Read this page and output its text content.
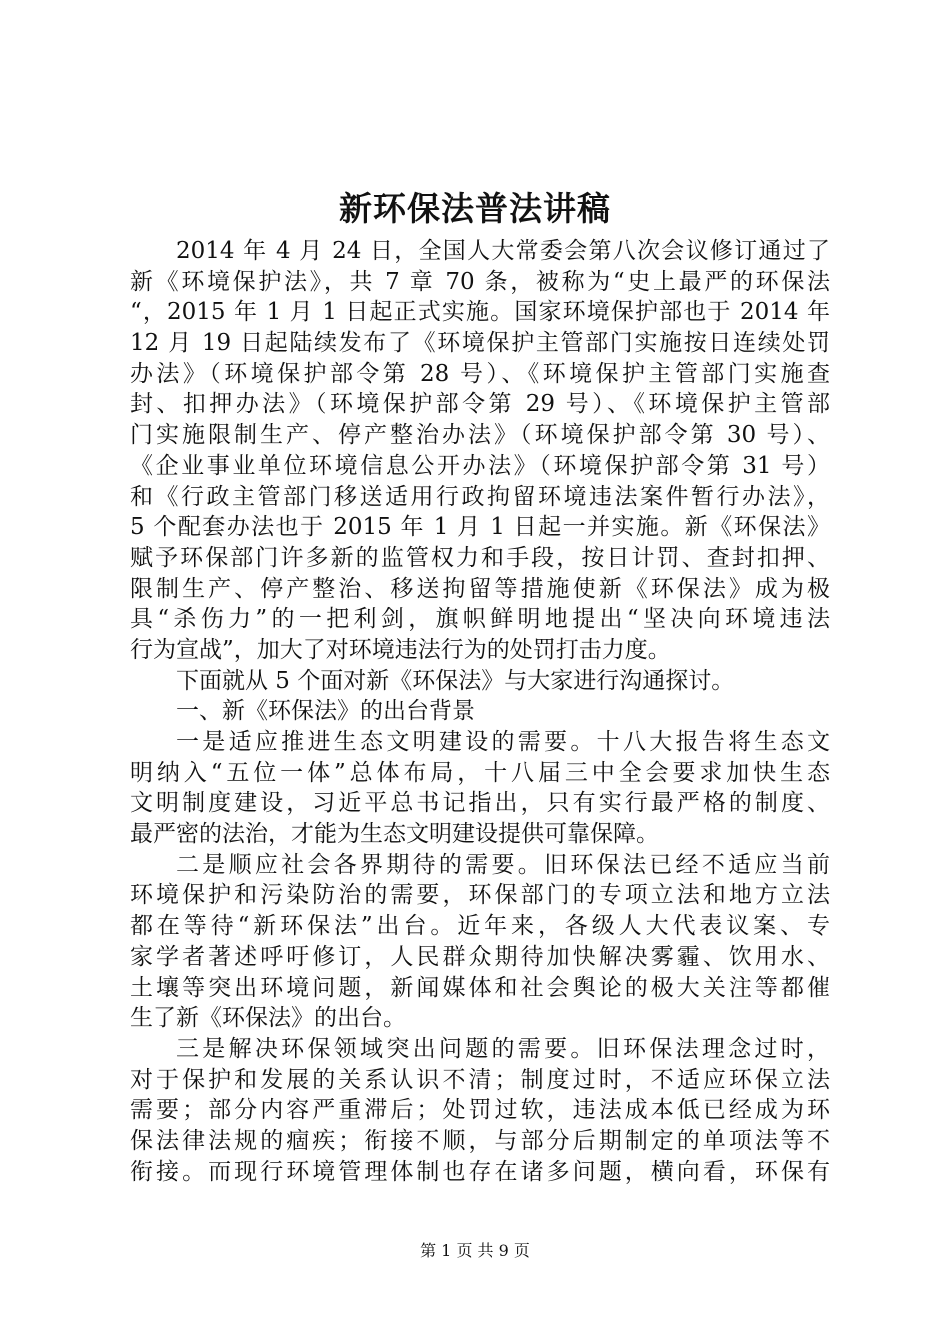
新环保法普法讲稿
2014 年 4 月 24 日，全国人大常委会第八次会议修订通过了
新《环境保护法》，共 7 章 70 条，被称为“史上最严的环保法
“，2015 年 1 月 1 日起正式实施。国家环境保护部也于 2014 年
12 月 19 日起陆续发布了《环境保护主管部门实施按日连续处罚
办法》（环境保护部令第 28 号）、《环境保护主管部门实施查
封、扣押办法》（环境保护部令第 29 号）、《环境保护主管部
门实施限制生产、停产整治办法》（环境保护部令第 30 号）、
《企业事业单位环境信息公开办法》（环境保护部令第 31 号）
和《行政主管部门移送适用行政拘留环境违法案件暂行办法》，
5 个配套办法也于 2015 年 1 月 1 日起一并实施。新《环保法》
赋予环保部门许多新的监管权力和手段，按日计罚、查封扣押、
限制生产、停产整治、移送拘留等措施使新《环保法》成为极
具“杀伤力”的一把利剑，旗帜鲜明地提出“坚决向环境违法
行为宣战”，加大了对环境违法行为的处罚打击力度。
下面就从 5 个面对新《环保法》与大家进行沟通探讨。
一、新《环保法》的出台背景
一是适应推进生态文明建设的需要。十八大报告将生态文
明纳入“五位一体”总体布局，十八届三中全会要求加快生态
文明制度建设，习近平总书记指出，只有实行最严格的制度、
最严密的法治，才能为生态文明建设提供可靠保障。
二是顺应社会各界期待的需要。旧环保法已经不适应当前
环境保护和污染防治的需要，环保部门的专项立法和地方立法
都在等待“新环保法”出台。近年来，各级人大代表议案、专
家学者著述呼吁修订，人民群众期待加快解决雾霾、饮用水、
土壤等突出环境问题，新闻媒体和社会舆论的极大关注等都催
生了新《环保法》的出台。
三是解决环保领域突出问题的需要。旧环保法理念过时，
对于保护和发展的关系认识不清；制度过时，不适应环保立法
需要；部分内容严重滞后；处罚过软，违法成本低已经成为环
保法律法规的痼疾；衔接不顺，与部分后期制定的单项法等不
衔接。而现行环境管理体制也存在诸多问题，横向看，环保有
第 1 页 共 9 页
